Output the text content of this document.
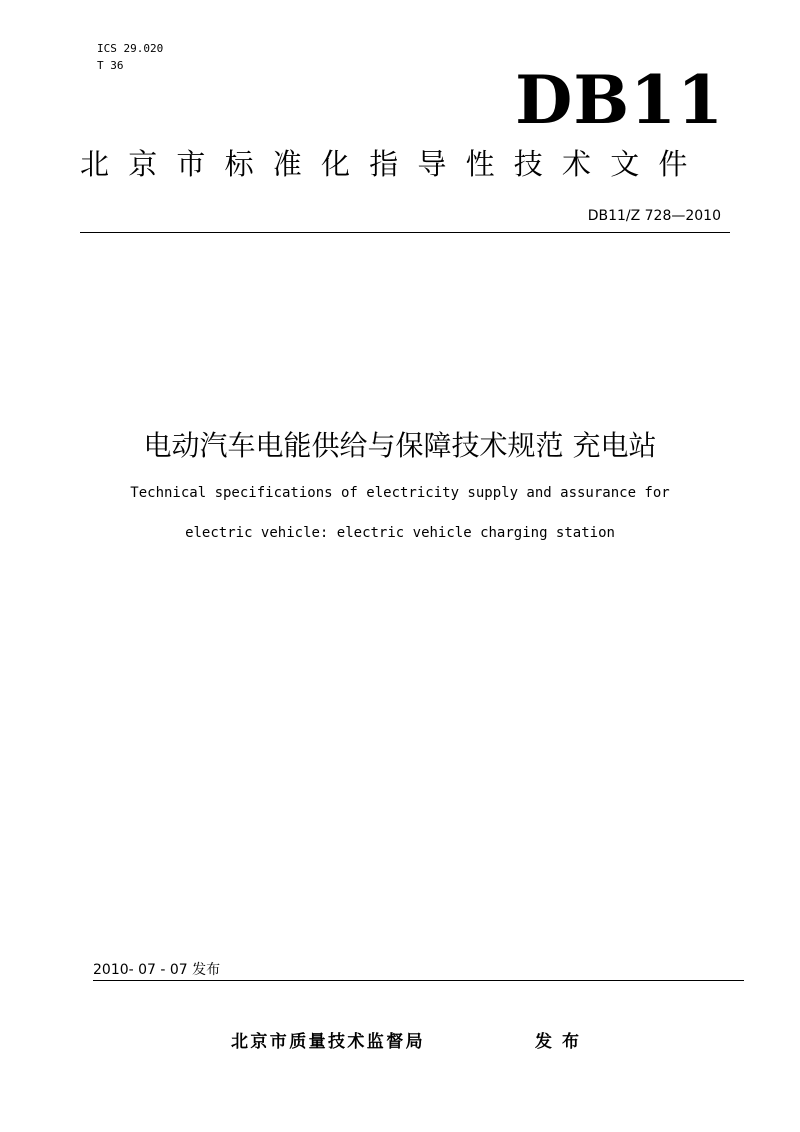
ICS 29.020
T 36	DB11
北京市标准化指导性技术文件
DB11/Z 728—2010
电动汽车电能供给与保障技术规范 充电站
Technical specifications of electricity supply and assurance for
electric vehicle: electric vehicle charging station
2010- 07 - 07 发布
北京市质量技术监督局	发布
